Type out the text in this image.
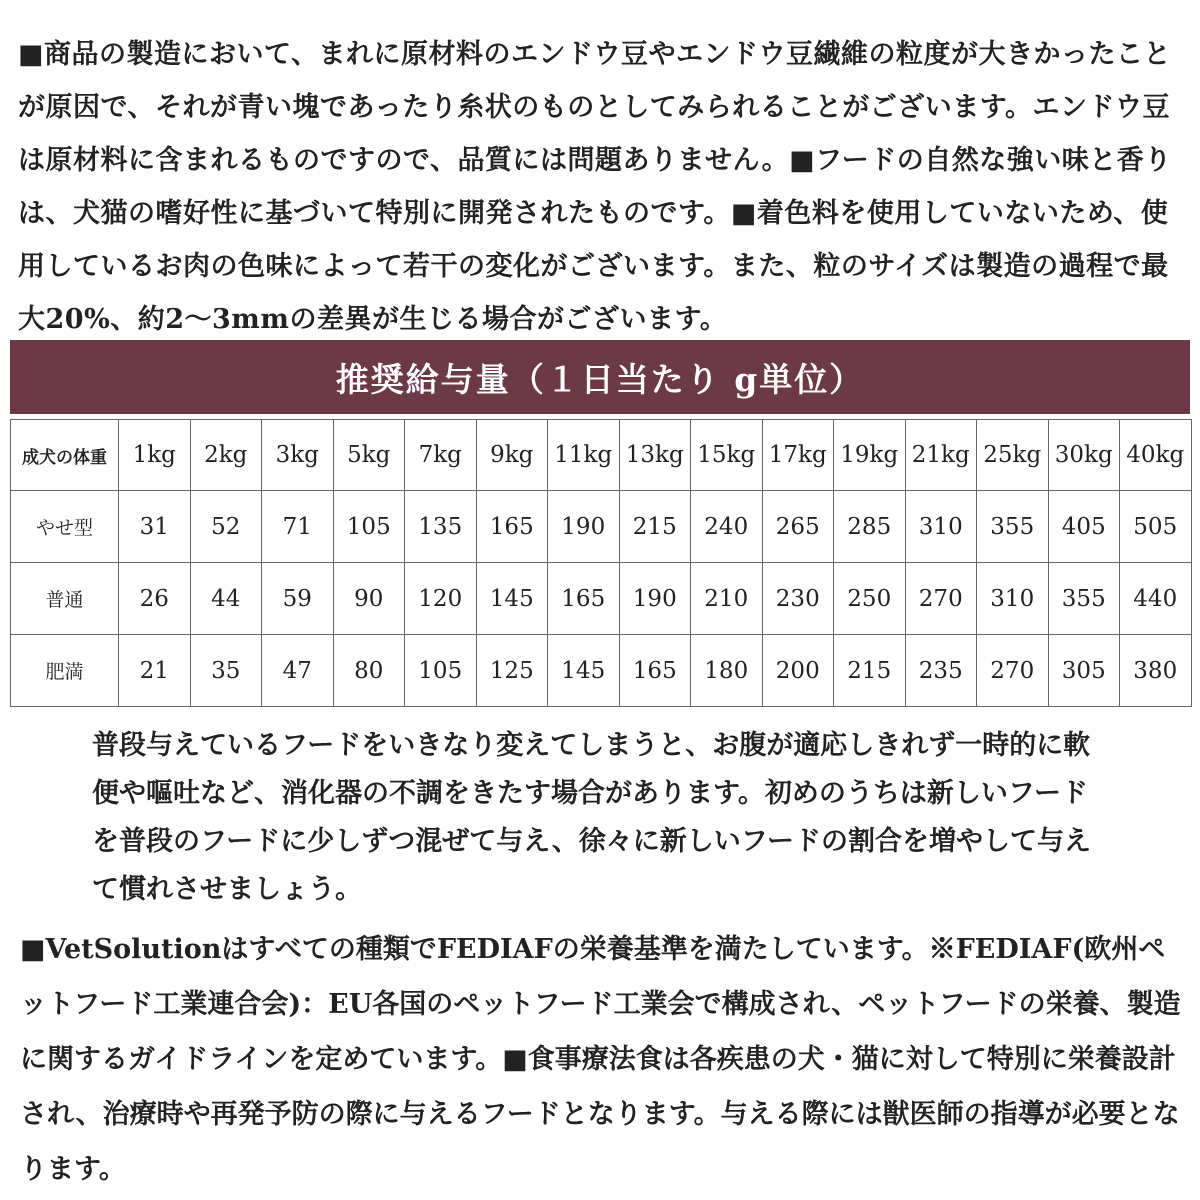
■商品の製造において、まれに原材料のエンドウ豆やエンドウ豆繊維の粒度が大きかったことが原因で、それが青い塊であったり糸状のものとしてみられることがございます。エンドウ豆は原材料に含まれるものですので、品質には問題ありません。■フードの自然な強い味と香りは、犬猫の嗜好性に基づいて特別に開発されたものです。■着色料を使用していないため、使用しているお肉の色味によって若干の変化がございます。また、粒のサイズは製造の過程で最大20%、約2〜3mmの差異が生じる場合がございます。
推奨給与量（１日当たり g単位）
成犬の体重	1kg	2kg	3kg	5kg	7kg	9kg	11kg	13kg	15kg	17kg	19kg	21kg	25kg	30kg	40kg
やせ型	31	52	71	105	135	165	190	215	240	265	285	310	355	405	505
普通	26	44	59	90	120	145	165	190	210	230	250	270	310	355	440
肥満	21	35	47	80	105	125	145	165	180	200	215	235	270	305	380
普段与えているフードをいきなり変えてしまうと、お腹が適応しきれず一時的に軟便や嘔吐など、消化器の不調をきたす場合があります。初めのうちは新しいフードを普段のフードに少しずつ混ぜて与え、徐々に新しいフードの割合を増やして与えて慣れさせましょう。
■VetSolutionはすべての種類でFEDIAFの栄養基準を満たしています。※FEDIAF(欧州ペットフード工業連合会)：EU各国のペットフード工業会で構成され、ペットフードの栄養、製造に関するガイドラインを定めています。■食事療法食は各疾患の犬・猫に対して特別に栄養設計され、治療時や再発予防の際に与えるフードとなります。与える際には獣医師の指導が必要となります。
